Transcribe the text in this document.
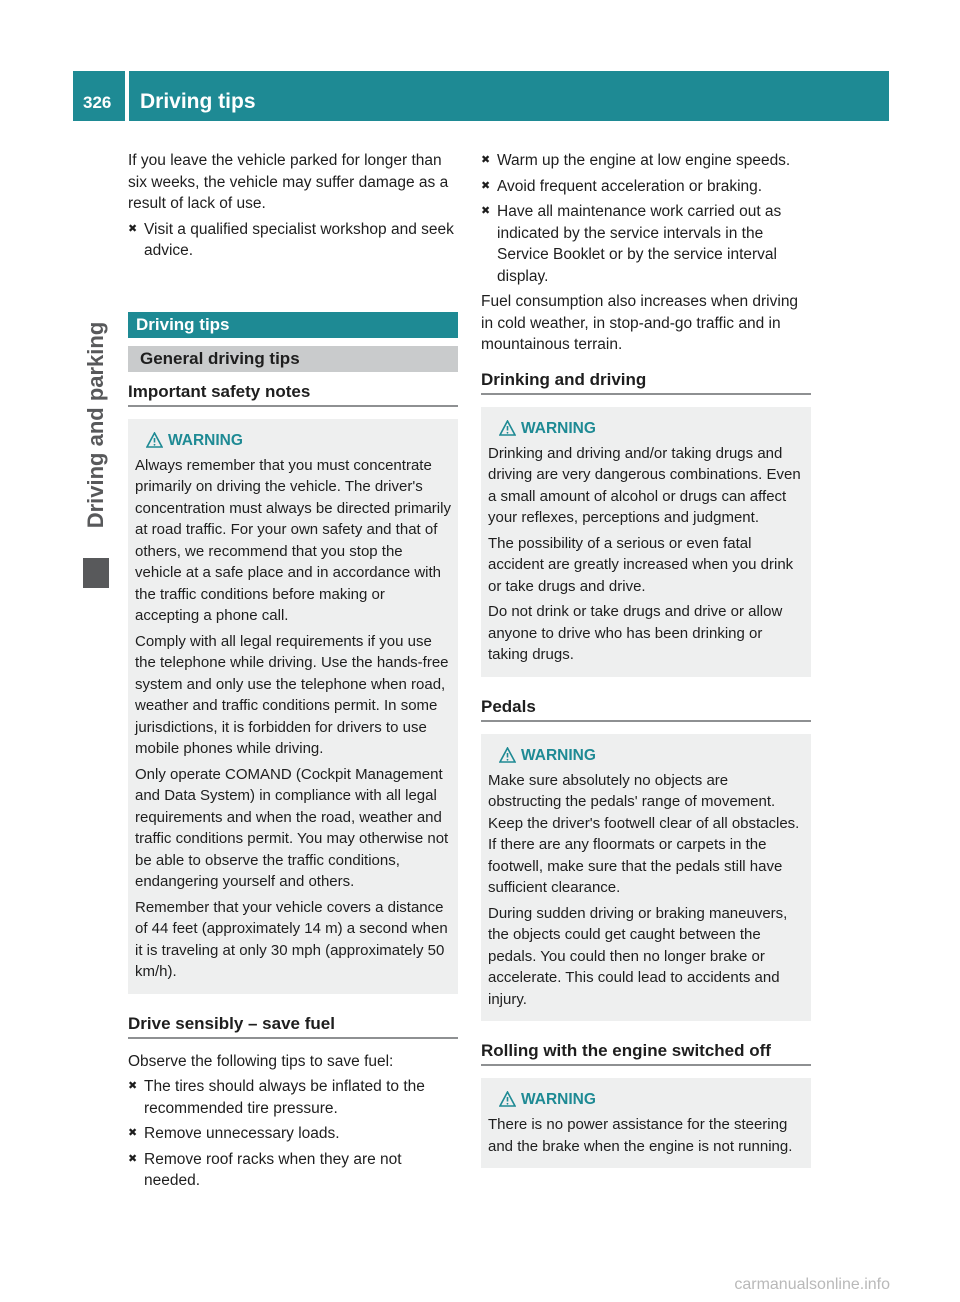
326 Driving tips
Driving and parking

If you leave the vehicle parked for longer than six weeks, the vehicle may suffer damage as a result of lack of use.

✖ Visit a qualified specialist workshop and seek advice.
Driving tips
General driving tips
Important safety notes
WARNING

Always remember that you must concentrate primarily on driving the vehicle. The driver's concentration must always be directed primarily at road traffic. For your own safety and that of others, we recommend that you stop the vehicle at a safe place and in accordance with the traffic conditions before making or accepting a phone call.

Comply with all legal requirements if you use the telephone while driving. Use the hands-free system and only use the telephone when road, weather and traffic conditions permit. In some jurisdictions, it is forbidden for drivers to use mobile phones while driving.

Only operate COMAND (Cockpit Management and Data System) in compliance with all legal requirements and when the road, weather and traffic conditions permit. You may otherwise not be able to observe the traffic conditions, endangering yourself and others.

Remember that your vehicle covers a distance of 44 feet (approximately 14 m) a second when it is traveling at only 30 mph (approximately 50 km/h).

Drive sensibly – save fuel

Observe the following tips to save fuel:

✖ The tires should always be inflated to the recommended tire pressure.
✖ Remove unnecessary loads.
✖ Remove roof racks when they are not needed.
✖ Warm up the engine at low engine speeds.
✖ Avoid frequent acceleration or braking.
✖ Have all maintenance work carried out as indicated by the service intervals in the Service Booklet or by the service interval display.

Fuel consumption also increases when driving in cold weather, in stop-and-go traffic and in mountainous terrain.

Drinking and driving
WARNING

Drinking and driving and/or taking drugs and driving are very dangerous combinations. Even a small amount of alcohol or drugs can affect your reflexes, perceptions and judgment.

The possibility of a serious or even fatal accident are greatly increased when you drink or take drugs and drive.

Do not drink or take drugs and drive or allow anyone to drive who has been drinking or taking drugs.

Pedals
WARNING

Make sure absolutely no objects are obstructing the pedals' range of movement. Keep the driver's footwell clear of all obstacles. If there are any floormats or carpets in the footwell, make sure that the pedals still have sufficient clearance.

During sudden driving or braking maneuvers, the objects could get caught between the pedals. You could then no longer brake or accelerate. This could lead to accidents and injury.

Rolling with the engine switched off
WARNING

There is no power assistance for the steering and the brake when the engine is not running.

carmanualsonline.info
